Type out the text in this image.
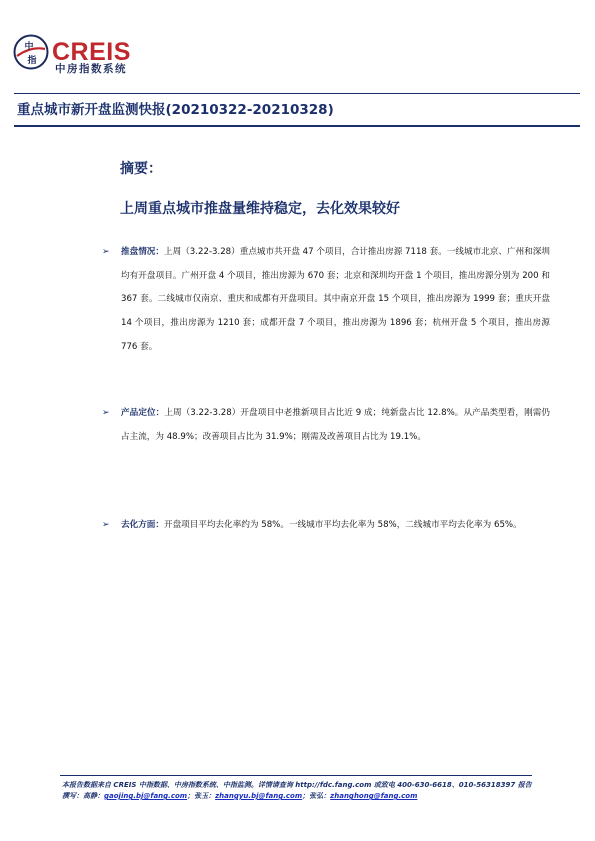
中
指 CREIS
中房指数系统
重点城市新开盘监测快报(20210322-20210328)
摘要：
上周重点城市推盘量维持稳定，去化效果较好
➢ 推盘情况：上周（3.22-3.28）重点城市共开盘 47 个项目，合计推出房源 7118 套。一线城市北京、广州和深圳均有开盘项目。广州开盘 4 个项目，推出房源为 670 套；北京和深圳均开盘 1 个项目，推出房源分别为 200 和 367 套。二线城市仅南京、重庆和成都有开盘项目。其中南京开盘 15 个项目，推出房源为 1999 套；重庆开盘 14 个项目，推出房源为 1210 套；成都开盘 7 个项目，推出房源为 1896 套；杭州开盘 5 个项目，推出房源 776 套。
➢ 产品定位：上周（3.22-3.28）开盘项目中老推新项目占比近 9 成；纯新盘占比 12.8%。从产品类型看，刚需仍占主流，为 48.9%；改善项目占比为 31.9%；刚需及改善项目占比为 19.1%。
➢ 去化方面：开盘项目平均去化率约为 58%。一线城市平均去化率为 58%，二线城市平均去化率为 65%。
本报告数据来自 CREIS 中指数据、中房指数系统、中指监测。详情请查询 http://fdc.fang.com 或致电 400-630-6618、010-56318397 报告
撰写：高静：gaojing.bj@fang.com；张玉：zhangyu.bj@fang.com；张弘：zhanghong@fang.com
